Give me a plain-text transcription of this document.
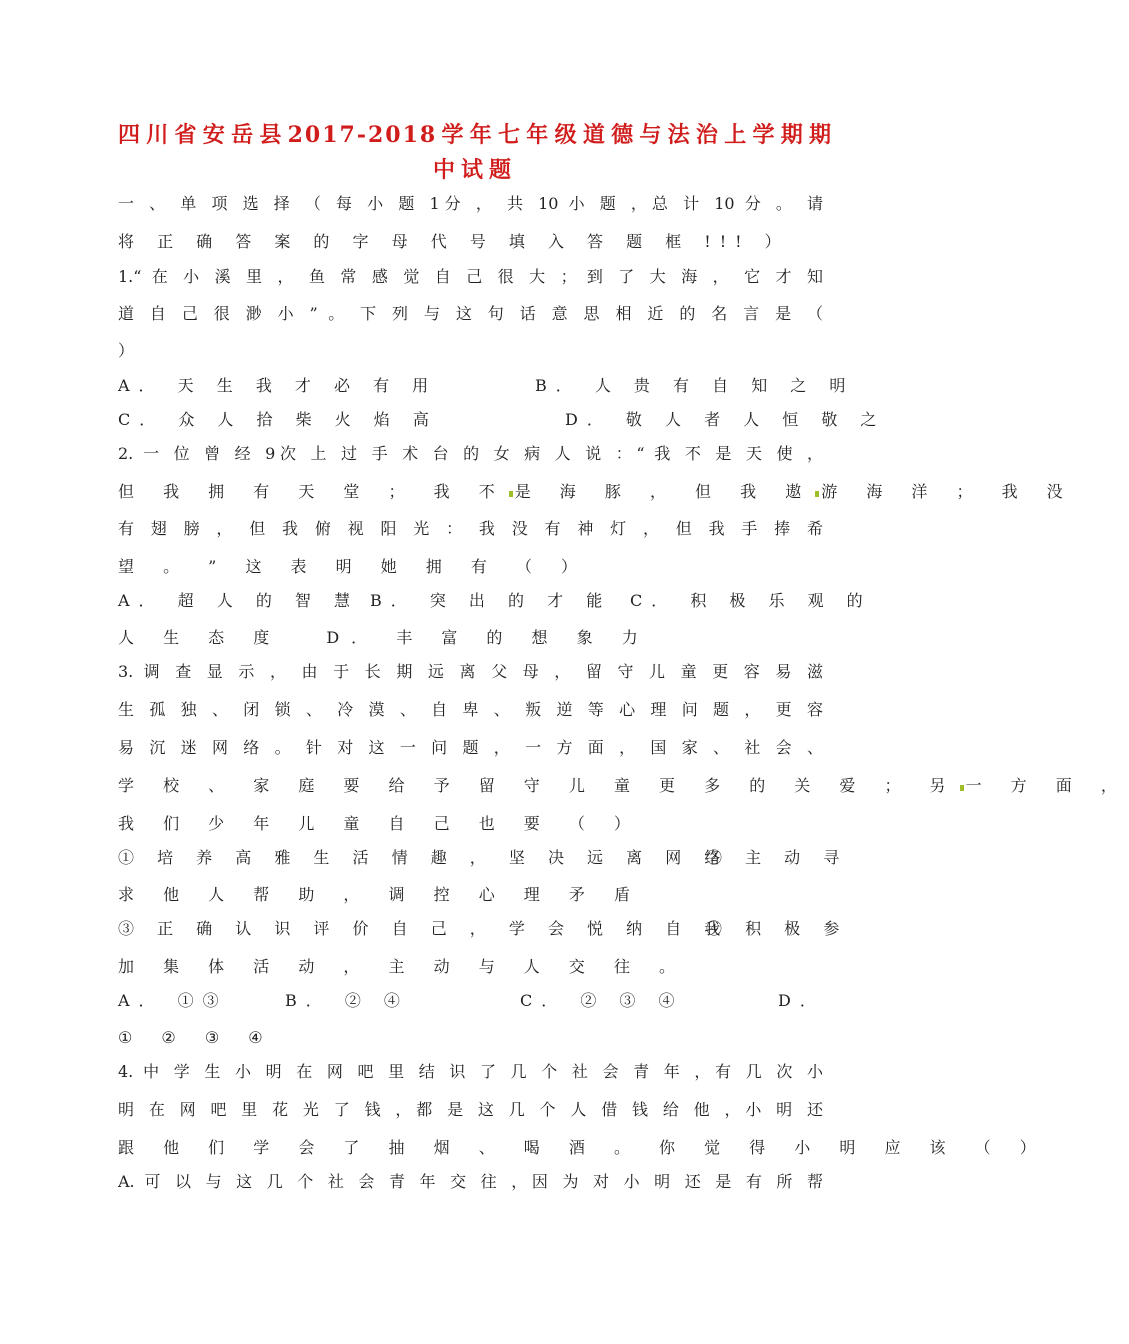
四川省安岳县2017-2018学年七年级道德与法治上学期期
中试题
一 、 单 项 选 择 （ 每 小 题 1分 ， 共 10 小 题 ，总 计 10 分 。 请
将 正 确 答 案 的 字 母 代 号 填 入 答 题 框 !!! ）
1.“ 在 小 溪 里 ， 鱼 常 感 觉 自 己 很 大 ； 到 了 大 海 ， 它 才 知
道 自 己 很 渺 小 ” 。 下 列 与 这 句 话 意 思 相 近 的 名 言 是 （
）
A． 天 生 我 才 必 有 用	B． 人 贵 有 自 知 之 明
C． 众 人 拾 柴 火 焰 高	D． 敬 人 者 人 恒 敬 之
2. 一 位 曾 经 9次 上 过 手 术 台 的 女 病 人 说 ：“ 我 不 是 天 使 ，
但 我 拥 有 天 堂 ； 我 不 是 海 豚 ， 但 我 遨 游 海 洋 ； 我 没
有 翅 膀 ， 但 我 俯 视 阳 光 ： 我 没 有 神 灯 ， 但 我 手 捧 希
望 。 ” 这 表 明 她 拥 有 （ ）
A． 超 人 的 智 慧 B． 突 出 的 才 能 C． 积 极 乐 观 的
人 生 态 度　 D． 丰 富 的 想 象 力
3. 调 查 显 示 ， 由 于 长 期 远 离 父 母 ， 留 守 儿 童 更 容 易 滋
生 孤 独 、 闭 锁 、 冷 漠 、 自 卑 、 叛 逆 等 心 理 问 题 ， 更 容
易 沉 迷 网 络 。 针 对 这 一 问 题 ， 一 方 面 ， 国 家 、 社 会 、
学 校 、 家 庭 要 给 予 留 守 儿 童 更 多 的 关 爱 ； 另 一 方 面 ，
我 们 少 年 儿 童 自 己 也 要 （ ）
① 培 养 高 雅 生 活 情 趣 ， 坚 决 远 离 网 络
② 主 动 寻
求 他 人 帮 助 ， 调 控 心 理 矛 盾
③ 正 确 认 识 评 价 自 己 ， 学 会 悦 纳 自 我
④ 积 极 参
加 集 体 活 动 ， 主 动 与 人 交 往 。
A． ①③	B． ② ④	C． ② ③ ④	D．
① ② ③ ④
4. 中 学 生 小 明 在 网 吧 里 结 识 了 几 个 社 会 青 年 ，有 几 次 小
明 在 网 吧 里 花 光 了 钱 ，都 是 这 几 个 人 借 钱 给 他 ，小 明 还
跟 他 们 学 会 了 抽 烟 、 喝 酒 。 你 觉 得 小 明 应 该 （ ）
A. 可 以 与 这 几 个 社 会 青 年 交 往 ，因 为 对 小 明 还 是 有 所 帮
